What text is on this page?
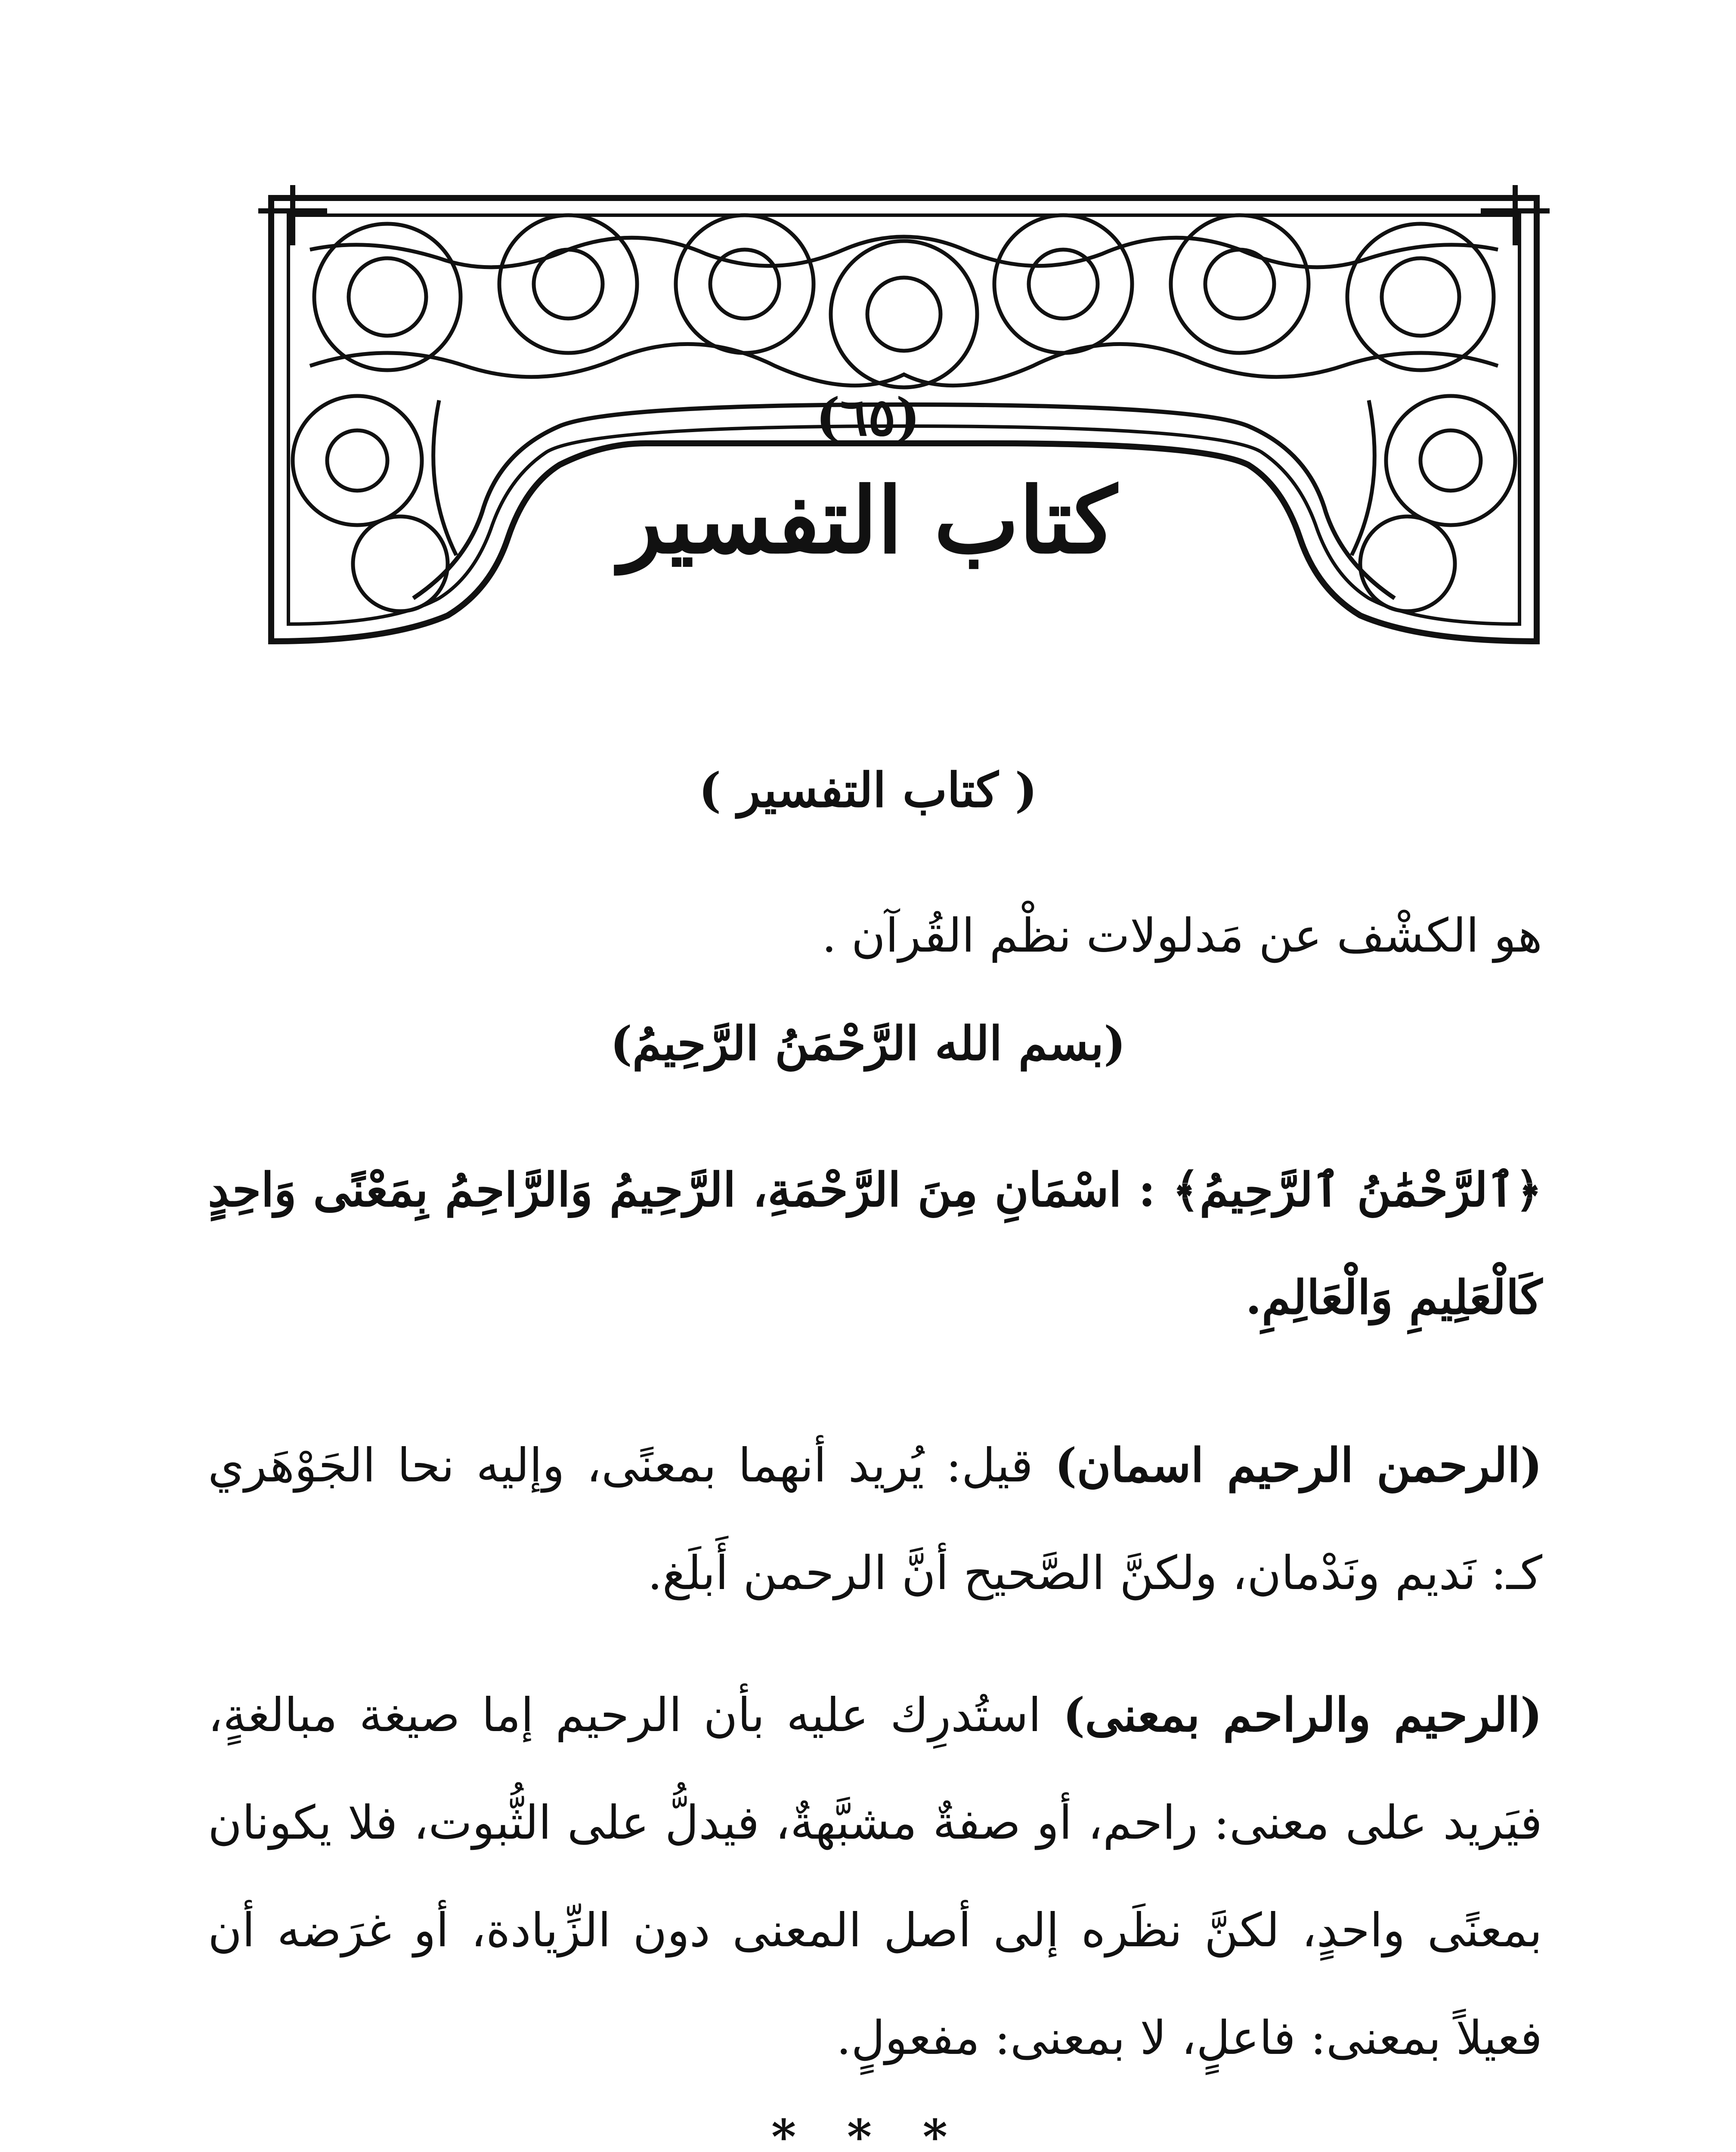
(٦٥)
كتاب التفسير
( كتاب التفسير )
هو الكشْف عن مَدلولات نظْم القُرآن .
(بسم الله الرَّحْمَنُ الرَّحِيمُ)
﴿ٱلرَّحْمَٰنُ ٱلرَّحِيمُ﴾ : اسْمَانِ مِنَ الرَّحْمَةِ، الرَّحِيمُ وَالرَّاحِمُ بِمَعْنًى وَاحِدٍ كَالْعَلِيمِ وَالْعَالِمِ.
(الرحمن الرحيم اسمان) قيل: يُريد أنهما بمعنًى، وإليه نحا الجَوْهَري كـ: نَديم ونَدْمان، ولكنَّ الصَّحيح أنَّ الرحمن أَبلَغ.
(الرحيم والراحم بمعنى) استُدرِك عليه بأن الرحيم إما صيغة مبالغةٍ، فيَريد على معنى: راحم، أو صفةٌ مشبَّهةٌ، فيدلُّ على الثُّبوت، فلا يكونان بمعنًى واحدٍ، لكنَّ نظَره إلى أصل المعنى دون الزِّيادة، أو غرَضه أن فعيلاً بمعنى: فاعلٍ، لا بمعنى: مفعولٍ.
* * *
